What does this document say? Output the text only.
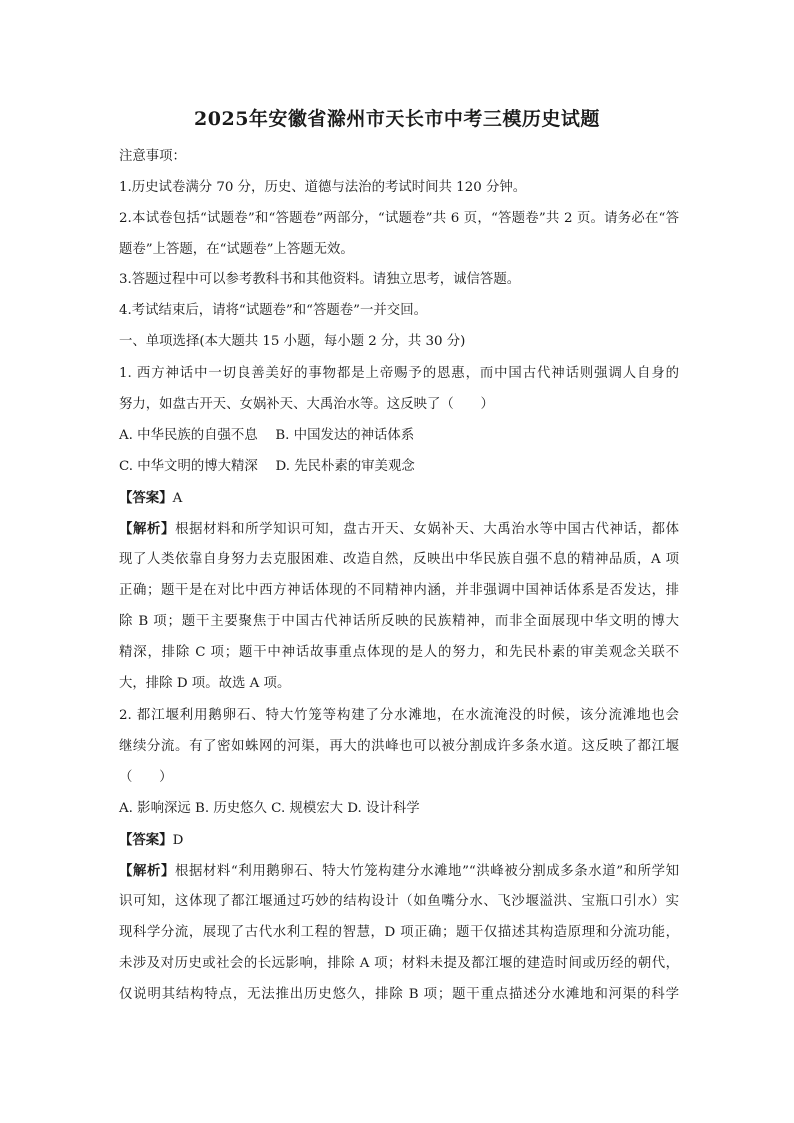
2025年安徽省滁州市天长市中考三模历史试题
注意事项：
1.历史试卷满分 70 分，历史、道德与法治的考试时间共 120 分钟。
2.本试卷包括“试题卷”和“答题卷”两部分，“试题卷”共 6 页，“答题卷”共 2 页。请务必在“答
题卷”上答题，在“试题卷”上答题无效。
3.答题过程中可以参考教科书和其他资料。请独立思考，诚信答题。
4.考试结束后，请将“试题卷”和“答题卷”一并交回。
一、单项选择(本大题共 15 小题，每小题 2 分，共 30 分)
1. 西方神话中一切良善美好的事物都是上帝赐予的恩惠，而中国古代神话则强调人自身的
努力，如盘古开天、女娲补天、大禹治水等。这反映了（　　）
A. 中华民族的自强不息　 B. 中国发达的神话体系
C. 中华文明的博大精深　 D. 先民朴素的审美观念
【答案】A
【解析】根据材料和所学知识可知，盘古开天、女娲补天、大禹治水等中国古代神话，都体
现了人类依靠自身努力去克服困难、改造自然，反映出中华民族自强不息的精神品质，A 项
正确；题干是在对比中西方神话体现的不同精神内涵，并非强调中国神话体系是否发达，排
除 B 项；题干主要聚焦于中国古代神话所反映的民族精神，而非全面展现中华文明的博大
精深，排除 C 项；题干中神话故事重点体现的是人的努力，和先民朴素的审美观念关联不
大，排除 D 项。故选 A 项。
2. 都江堰利用鹅卵石、特大竹笼等构建了分水滩地，在水流淹没的时候，该分流滩地也会
继续分流。有了密如蛛网的河渠，再大的洪峰也可以被分割成许多条水道。这反映了都江堰
（　　）
A. 影响深远 B. 历史悠久 C. 规模宏大 D. 设计科学
【答案】D
【解析】根据材料“利用鹅卵石、特大竹笼构建分水滩地”“洪峰被分割成多条水道”和所学知
识可知，这体现了都江堰通过巧妙的结构设计（如鱼嘴分水、飞沙堰溢洪、宝瓶口引水）实
现科学分流，展现了古代水利工程的智慧，D 项正确；题干仅描述其构造原理和分流功能，
未涉及对历史或社会的长远影响，排除 A 项；材料未提及都江堰的建造时间或历经的朝代，
仅说明其结构特点，无法推出历史悠久，排除 B 项；题干重点描述分水滩地和河渠的科学
